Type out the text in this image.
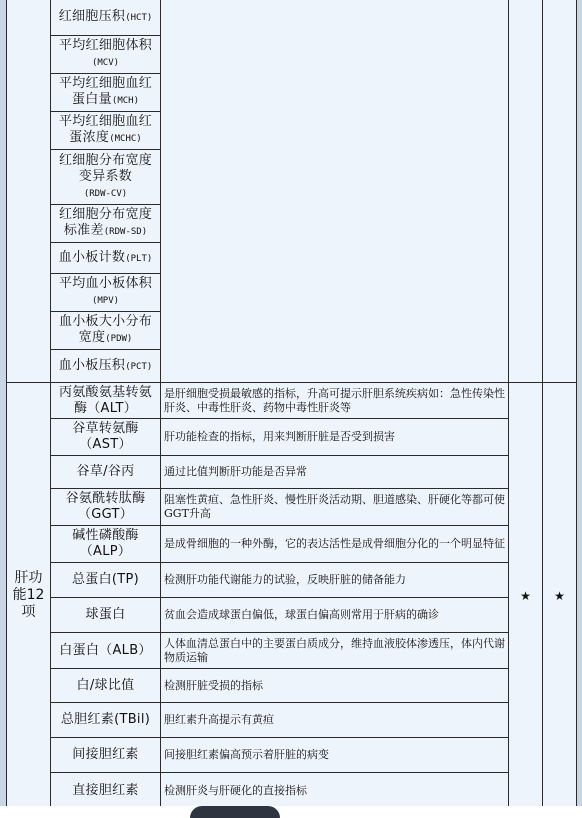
	红细胞压积(HCT)			
	平均红细胞体积
(MCV)			
	平均红细胞血红蛋白量(MCH)			
	平均红细胞血红蛋浓度(MCHC)			
	红细胞分布宽度变异系数
(RDW-CV)			
	红细胞分布宽度标准差(RDW-SD)			
	血小板计数(PLT)			
	平均血小板体积
(MPV)			
	血小板大小分布宽度(PDW)			
	血小板压积(PCT)			
肝功能12项	丙氨酸氨基转氨酶（ALT）	是肝细胞受损最敏感的指标，升高可提示肝胆系统疾病如：急性传染性肝炎、中毒性肝炎、药物中毒性肝炎等	★	★
	谷草转氨酶（AST）	肝功能检查的指标，用来判断肝脏是否受到损害		
	谷草/谷丙	通过比值判断肝功能是否异常		
	谷氨酰转肽酶（GGT）	阻塞性黄疸、急性肝炎、慢性肝炎活动期、胆道感染、肝硬化等都可使GGT升高		
	碱性磷酸酶（ALP）	是成骨细胞的一种外酶，它的表达活性是成骨细胞分化的一个明显特征		
	总蛋白(TP)	检测肝功能代谢能力的试验，反映肝脏的储备能力		
	球蛋白	贫血会造成球蛋白偏低，球蛋白偏高则常用于肝病的确诊		
	白蛋白（ALB）	人体血清总蛋白中的主要蛋白质成分，维持血液胶体渗透压，体内代谢物质运输		
	白/球比值	检测肝脏受损的指标		
	总胆红素(TBil)	胆红素升高提示有黄疸		
	间接胆红素	间接胆红素偏高预示着肝脏的病变		
	直接胆红素	检测肝炎与肝硬化的直接指标		
